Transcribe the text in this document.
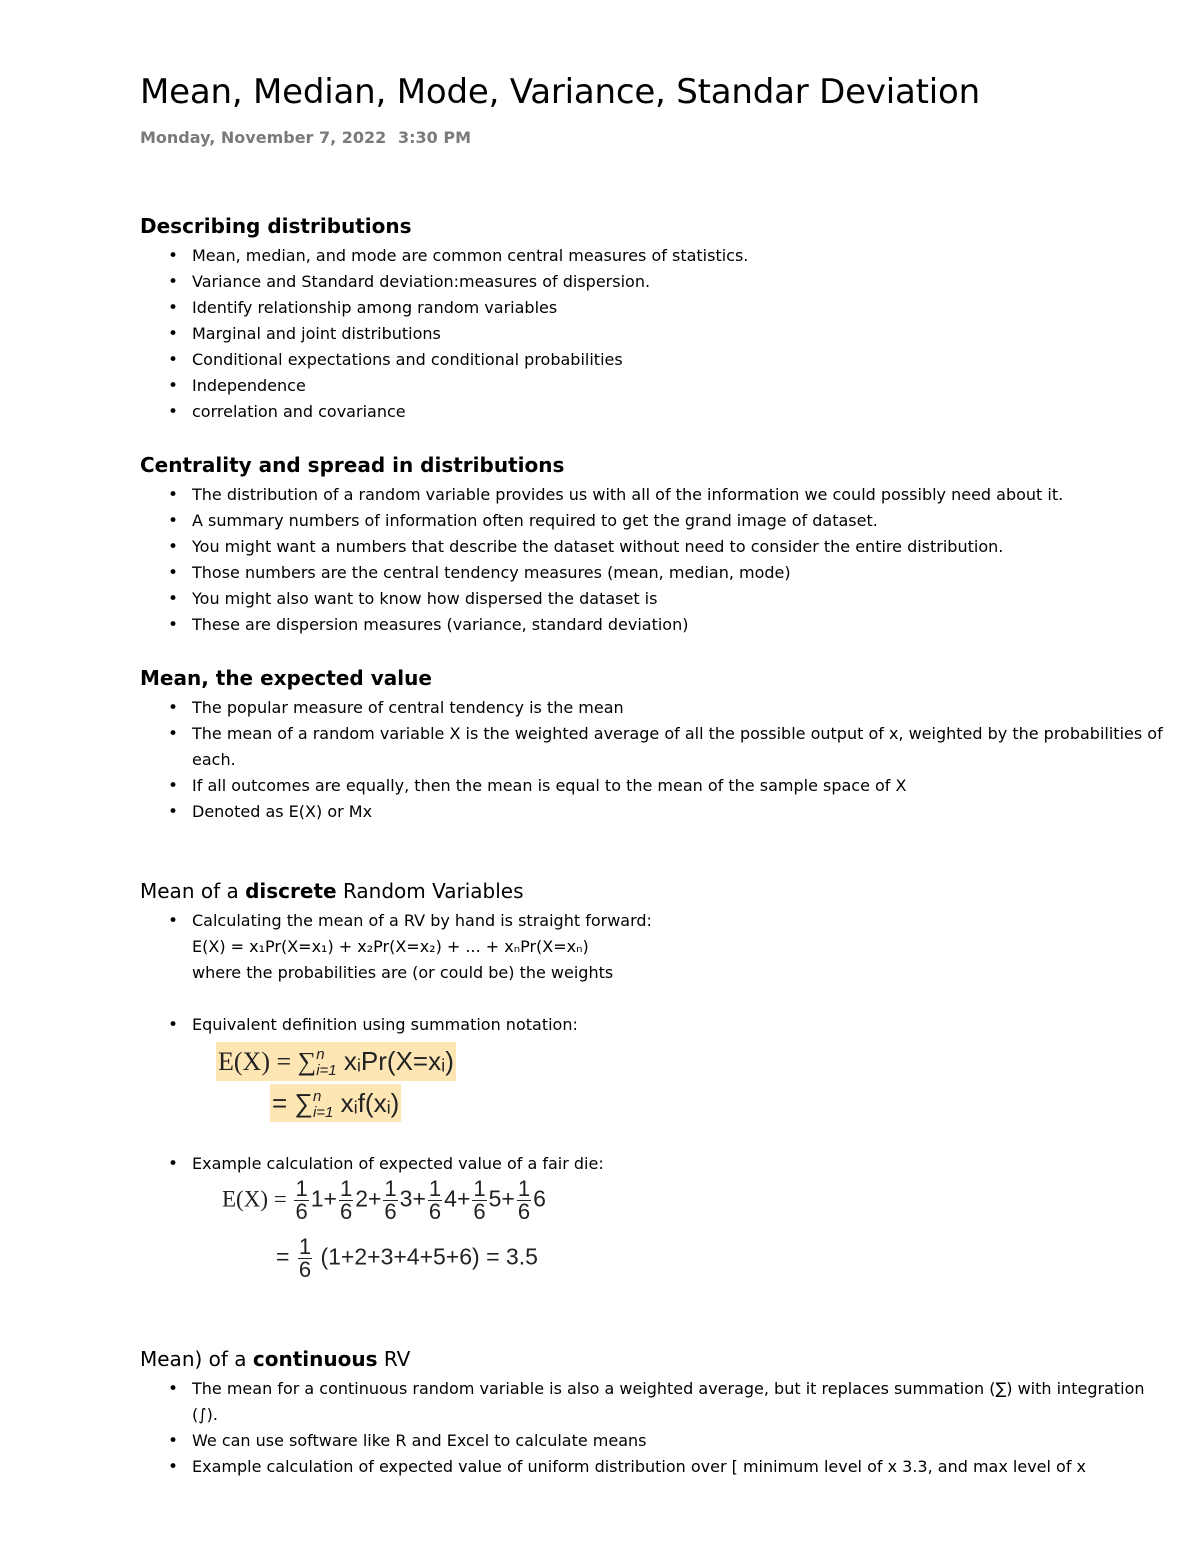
Mean, Median, Mode, Variance, Standar Deviation
Monday, November 7, 2022 3:30 PM
Describing distributions
• Mean, median, and mode are common central measures of statistics.
• Variance and Standard deviation:measures of dispersion.
• Identify relationship among random variables
• Marginal and joint distributions
• Conditional expectations and conditional probabilities
• Independence
• correlation and covariance
Centrality and spread in distributions
• The distribution of a random variable provides us with all of the information we could possibly need about it.
• A summary numbers of information often required to get the grand image of dataset.
• You might want a numbers that describe the dataset without need to consider the entire distribution.
• Those numbers are the central tendency measures (mean, median, mode)
• You might also want to know how dispersed the dataset is
• These are dispersion measures (variance, standard deviation)
Mean, the expected value
• The popular measure of central tendency is the mean
• The mean of a random variable X is the weighted average of all the possible output of x, weighted by the probabilities of each.
• If all outcomes are equally, then the mean is equal to the mean of the sample space of X
• Denoted as E(X) or Mx
Mean of a discrete Random Variables
• Calculating the mean of a RV by hand is straight forward:
E(X) = x₁Pr(X=x₁) + x₂Pr(X=x₂) + ... + xₙPr(X=xₙ)
where the probabilities are (or could be) the weights
• Equivalent definition using summation notation:
E(X) = ∑ n
i=1 xᵢPr(X=xᵢ)
= ∑ n
i=1 xᵢf(xᵢ)
• Example calculation of expected value of a fair die:
$E(X) = \frac{1}{6} 1+ \frac{1}{6} 2+ \frac{1}{6} 3+ \frac{1}{6} 4+ \frac{1}{6} 5+ \frac{1}{6} 6$
= $\frac{1}{6} (1+2+3+4+5+6) = 3.5$
Mean) of a continuous RV
• The mean for a continuous random variable is also a weighted average, but it replaces summation (∑) with integration (∫).
• We can use software like R and Excel to calculate means
• Example calculation of expected value of uniform distribution over [ minimum level of x 3.3, and max level of x
